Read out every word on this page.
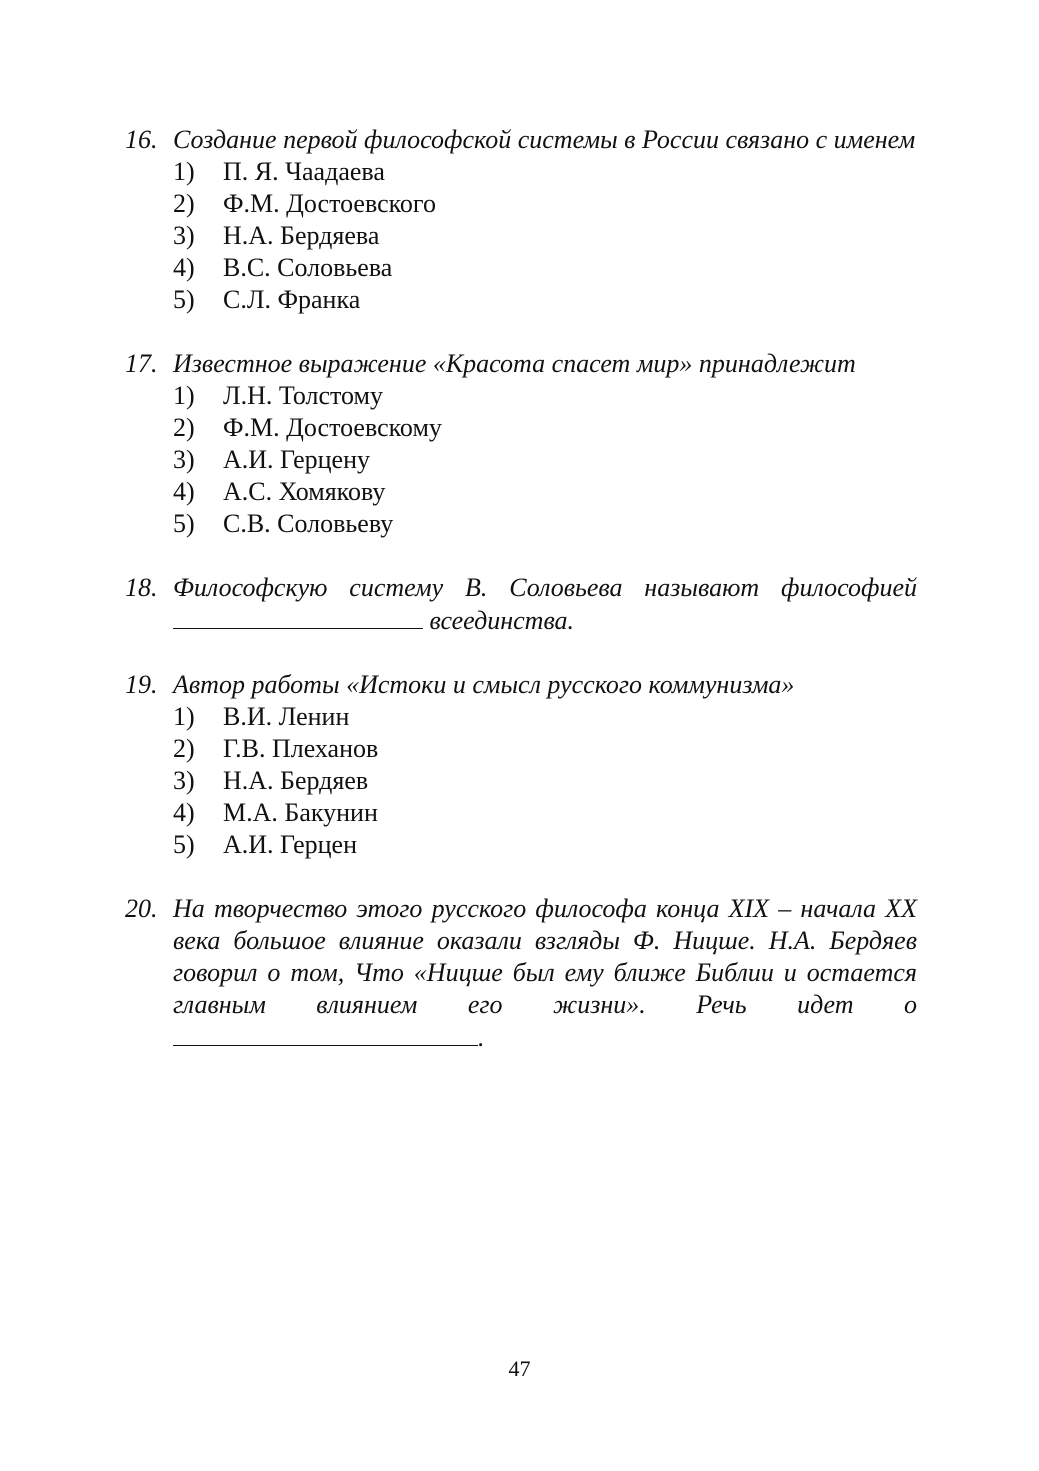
16. Создание первой философской системы в России связано с именем
1) П. Я. Чаадаева
2) Ф.М. Достоевского
3) Н.А. Бердяева
4) В.С. Соловьева
5) С.Л. Франка
17. Известное выражение «Красота спасет мир» принадлежит
1) Л.Н. Толстому
2) Ф.М. Достоевскому
3) А.И. Герцену
4) А.С. Хомякову
5) С.В. Соловьеву
18. Философскую систему В. Соловьева называют философией  всеединства.
19. Автор работы «Истоки и смысл русского коммунизма»
1) В.И. Ленин
2) Г.В. Плеханов
3) Н.А. Бердяев
4) М.А. Бакунин
5) А.И. Герцен
20. На творчество этого русского философа конца XIX – начала XX века большое влияние оказали взгляды Ф. Ницше. Н.А. Бердяев говорил о том, Что «Ницше был ему ближе Библии и остается главным влиянием его жизни». Речь идет о .
47
